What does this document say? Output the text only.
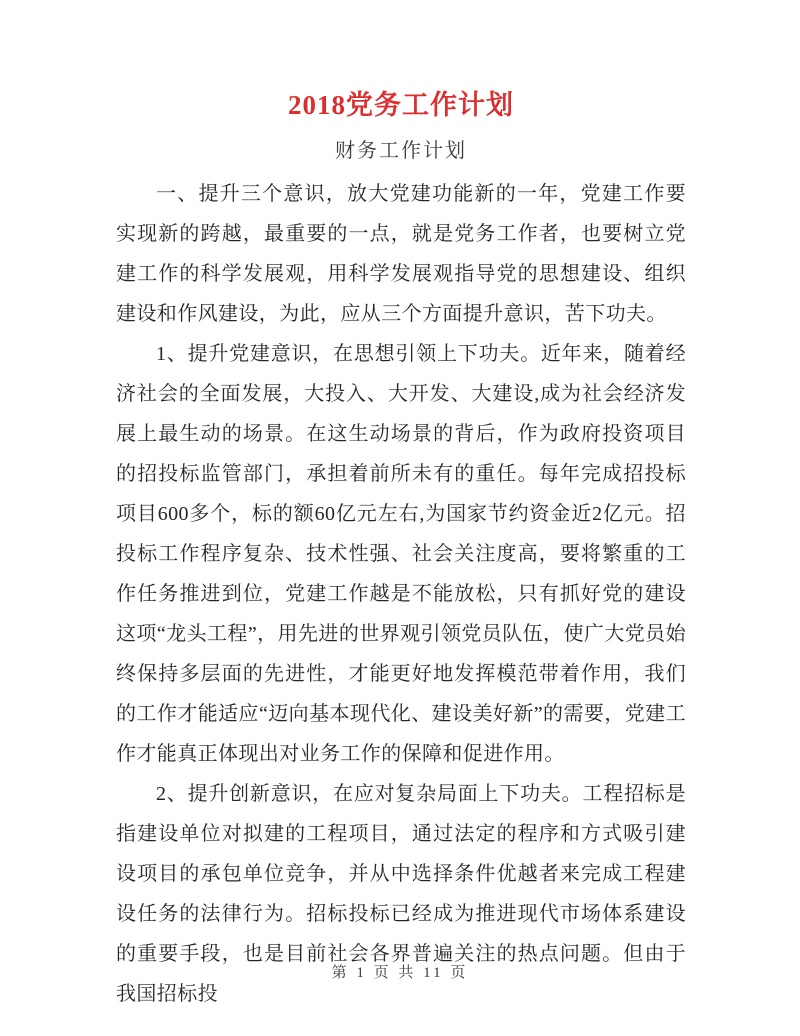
2018党务工作计划
财务工作计划

一、提升三个意识，放大党建功能新的一年，党建工作要实现新的跨越，最重要的一点，就是党务工作者，也要树立党建工作的科学发展观，用科学发展观指导党的思想建设、组织建设和作风建设，为此，应从三个方面提升意识，苦下功夫。

1、提升党建意识，在思想引领上下功夫。近年来，随着经济社会的全面发展，大投入、大开发、大建设,成为社会经济发展上最生动的场景。在这生动场景的背后，作为政府投资项目的招投标监管部门，承担着前所未有的重任。每年完成招投标项目600多个，标的额60亿元左右,为国家节约资金近2亿元。招投标工作程序复杂、技术性强、社会关注度高，要将繁重的工作任务推进到位，党建工作越是不能放松，只有抓好党的建设这项“龙头工程”，用先进的世界观引领党员队伍，使广大党员始终保持多层面的先进性，才能更好地发挥模范带着作用，我们的工作才能适应“迈向基本现代化、建设美好新”的需要，党建工作才能真正体现出对业务工作的保障和促进作用。

2、提升创新意识，在应对复杂局面上下功夫。工程招标是指建设单位对拟建的工程项目，通过法定的程序和方式吸引建设项目的承包单位竞争，并从中选择条件优越者来完成工程建设任务的法律行为。招标投标已经成为推进现代市场体系建设的重要手段，也是目前社会各界普遍关注的热点问题。但由于我国招标投

第 1 页 共 11 页
